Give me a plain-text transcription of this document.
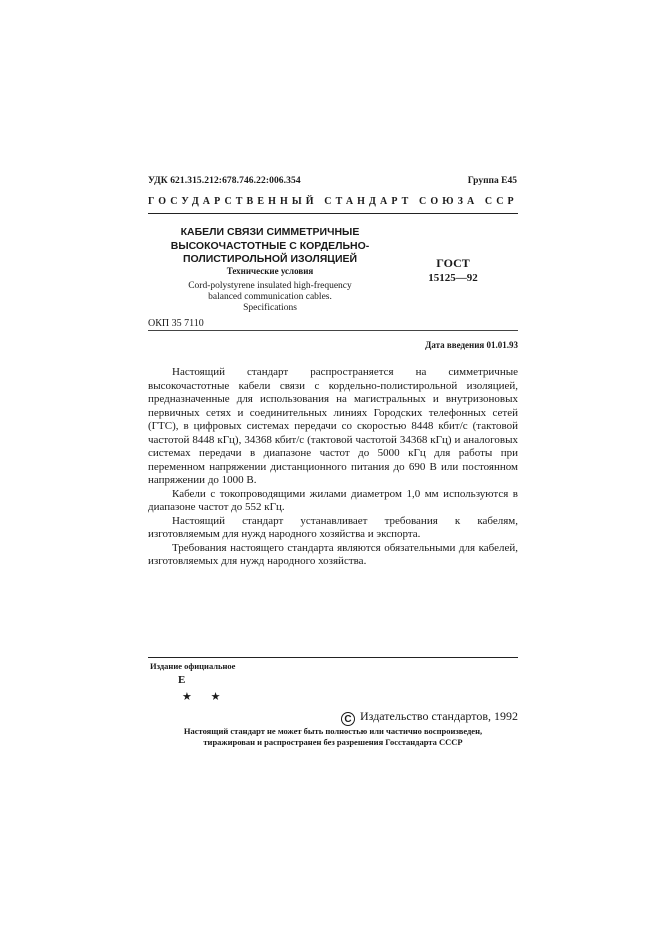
УДК 621.315.212:678.746.22:006.354	Группа Е45
ГОСУДАРСТВЕННЫЙ СТАНДАРТ СОЮЗА ССР
КАБЕЛИ СВЯЗИ СИММЕТРИЧНЫЕ
ВЫСОКОЧАСТОТНЫЕ С КОРДЕЛЬНО-
ПОЛИСТИРОЛЬНОЙ ИЗОЛЯЦИЕЙ
Технические условия
Cord-polystyrene insulated high-frequency
balanced communication cables.
Specifications
ГОСТ
15125—92
ОКП 35 7110
Дата введения 01.01.93

Настоящий стандарт распространяется на симметричные высокочастотные кабели связи с кордельно-полистирольной изоляцией, предназначенные для использования на магистральных и внутризоновых первичных сетях и соединительных линиях Городских телефонных сетей (ГТС), в цифровых системах передачи со скоростью 8448 кбит/с (тактовой частотой 8448 кГц), 34368 кбит/с (тактовой частотой 34368 кГц) и аналоговых системах передачи в диапазоне частот до 5000 кГц для работы при переменном напряжении дистанционного питания до 690 В или постоянном напряжении до 1000 В.

Кабели с токопроводящими жилами диаметром 1,0 мм используются в диапазоне частот до 552 кГц.

Настоящий стандарт устанавливает требования к кабелям, изготовляемым для нужд народного хозяйства и экспорта.

Требования настоящего стандарта являются обязательными для кабелей, изготовляемых для нужд народного хозяйства.

Издание официальное
Е
★ ★
C Издательство стандартов, 1992
Настоящий стандарт не может быть полностью или частично воспроизведен,
тиражирован и распространен без разрешения Госстандарта СССР
